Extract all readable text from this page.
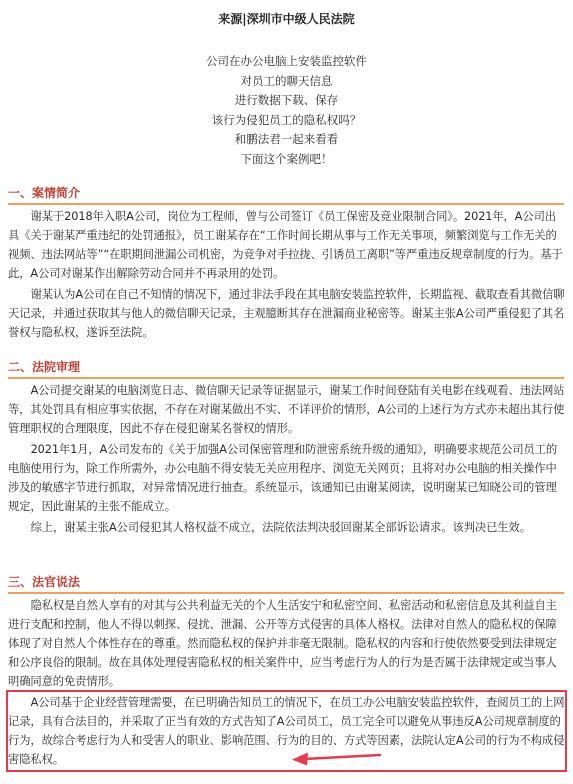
来源|深圳市中级人民法院
公司在办公电脑上安装监控软件
对员工的聊天信息
进行数据下载、保存
该行为侵犯员工的隐私权吗？
和鹏法君一起来看看
下面这个案例吧！
一、案情简介

谢某于2018年入职A公司，岗位为工程师，曾与公司签订《员工保密及竞业限制合同》。2021年，A公司出具《关于谢某严重违纪的处罚通报》，员工谢某存在“工作时间长期从事与工作无关事项，频繁浏览与工作无关的视频、违法网站等”“在职期间泄漏公司机密，为竞争对手拉拢、引诱员工离职”等严重违反规章制度的行为。基于此，A公司对谢某作出解除劳动合同并不再录用的处罚。

谢某认为A公司在自己不知情的情况下，通过非法手段在其电脑安装监控软件，长期监视、截取查看其微信聊天记录，并通过获取其与他人的微信聊天记录，主观臆断其存在泄漏商业秘密等。谢某主张A公司严重侵犯了其名誉权与隐私权，遂诉至法院。

二、法院审理

A公司提交谢某的电脑浏览日志、微信聊天记录等证据显示，谢某工作时间登陆有关电影在线观看、违法网站等，其处罚具有相应事实依据，不存在对谢某做出不实、不详评价的情形，A公司的上述行为方式亦未超出其行使管理职权的合理限度，因此不存在侵犯谢某名誉权的情形。

2021年1月，A公司发布的《关于加强A公司保密管理和防泄密系统升级的通知》，明确要求规范公司员工的电脑使用行为，除工作所需外，办公电脑不得安装无关应用程序、浏览无关网页；且将对办公电脑的相关操作中涉及的敏感字节进行抓取，对异常情况进行抽查。系统显示，该通知已由谢某阅读，说明谢某已知晓公司的管理规定，因此谢某的主张不能成立。

综上，谢某主张A公司侵犯其人格权益不成立，法院依法判决驳回谢某全部诉讼请求。该判决已生效。

三、法官说法

隐私权是自然人享有的对其与公共利益无关的个人生活安宁和私密空间、私密活动和私密信息及其利益自主进行支配和控制，他人不得以刺探、侵扰、泄漏、公开等方式侵害的具体人格权。法律对自然人的隐私权的保障体现了对自然人个体性存在的尊重。然而隐私权的保护并非毫无限制。隐私权的内容和行使依然要受到法律规定和公序良俗的限制。故在具体处理侵害隐私权的相关案件中，应当考虑行为人的行为是否属于法律规定或当事人明确同意的免责情形。

A公司基于企业经营管理需要，在已明确告知员工的情况下，在员工办公电脑安装监控软件，查阅员工的上网记录，具有合法目的，并采取了正当有效的方式告知了A公司员工，员工完全可以避免从事违反A公司规章制度的行为，故综合考虑行为人和受害人的职业、影响范围、行为的目的、方式等因素，法院认定A公司的行为不构成侵害隐私权。
